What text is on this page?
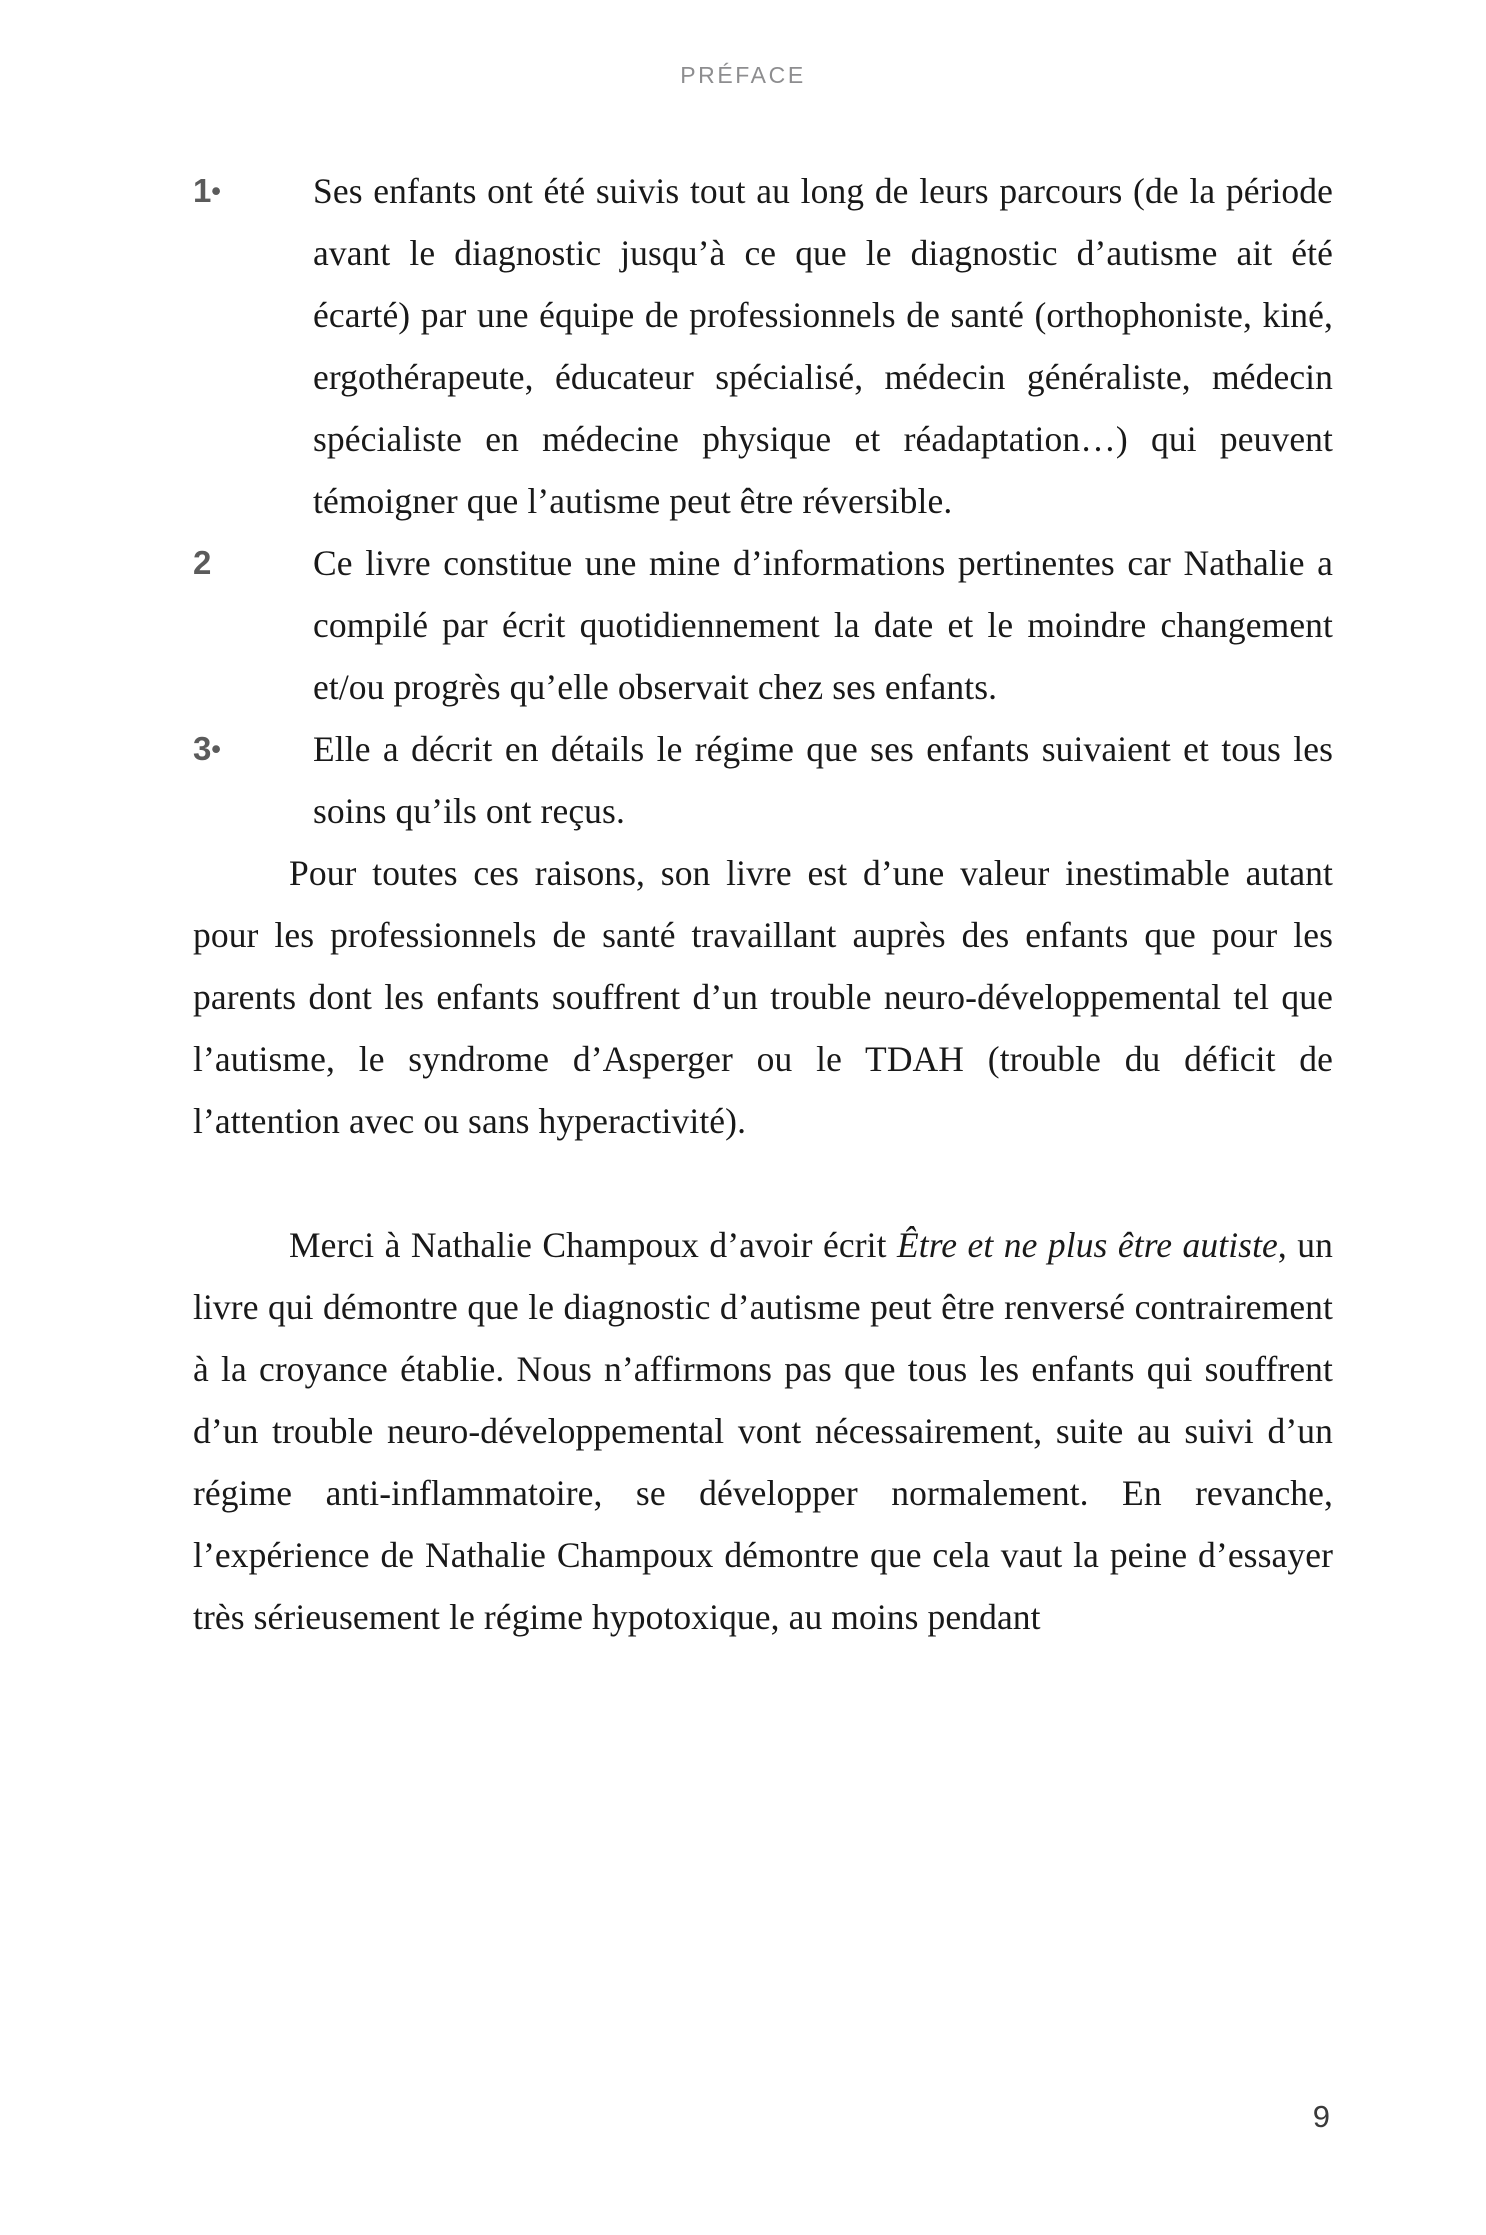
PRÉFACE
1•	Ses enfants ont été suivis tout au long de leurs parcours (de la période avant le diagnostic jusqu’à ce que le diagnostic d’autisme ait été écarté) par une équipe de professionnels de santé (orthophoniste, kiné, ergothérapeute, éducateur spécialisé, médecin généraliste, médecin spécialiste en médecine physique et réadaptation…) qui peuvent témoigner que l’autisme peut être réversible.
2	Ce livre constitue une mine d’informations pertinentes car Nathalie a compilé par écrit quotidiennement la date et le moindre changement et/ou progrès qu’elle observait chez ses enfants.
3•	Elle a décrit en détails le régime que ses enfants suivaient et tous les soins qu’ils ont reçus.

Pour toutes ces raisons, son livre est d’une valeur inestimable autant pour les professionnels de santé travaillant auprès des enfants que pour les parents dont les enfants souffrent d’un trouble neuro-développemental tel que l’autisme, le syndrome d’Asperger ou le TDAH (trouble du déficit de l’attention avec ou sans hyperactivité).

Merci à Nathalie Champoux d’avoir écrit Être et ne plus être autiste, un livre qui démontre que le diagnostic d’autisme peut être renversé contrairement à la croyance établie. Nous n’affirmons pas que tous les enfants qui souffrent d’un trouble neuro-développemental vont nécessairement, suite au suivi d’un régime anti-inflammatoire, se développer normalement. En revanche, l’expérience de Nathalie Champoux démontre que cela vaut la peine d’essayer très sérieusement le régime hypotoxique, au moins pendant

9
